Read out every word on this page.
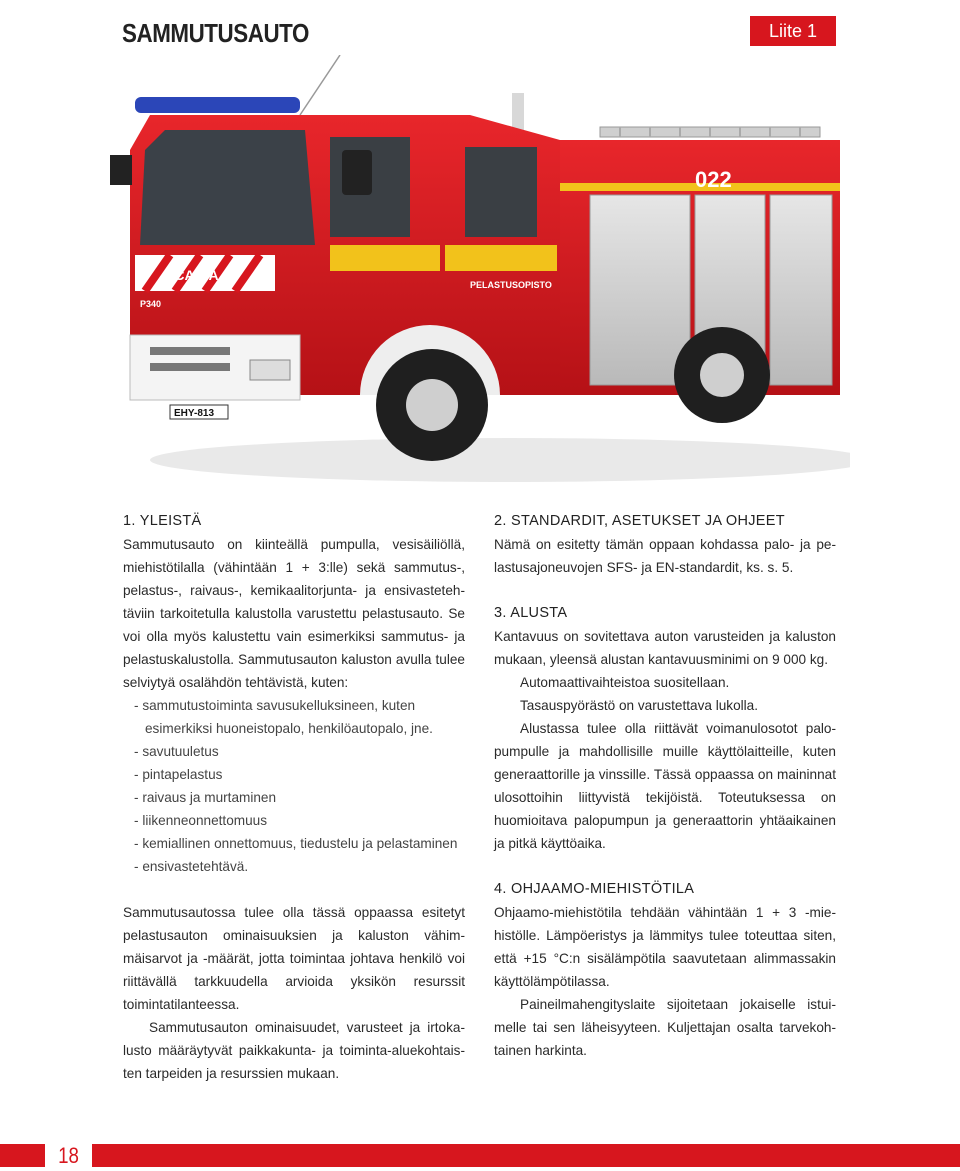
SAMMUTUSAUTO	Liite 1
022
PELASTUSOPISTO
SCANIA
P340
EHY-813
1. YLEISTÄ

Sammutusauto on kiinteällä pumpulla, vesisäiliöllä, miehistötilalla (vähintään 1 + 3:lle) sekä sammutus-, pelastus-, raivaus-, kemikaalitorjunta- ja ensivastetehtäviin tarkoitetulla kalustolla varustettu pelastusauto. Se voi olla myös kalustettu vain esimerkiksi sammutus- ja pelastuskalustolla. Sammutusauton kaluston avulla tulee selviytyä osalähdön tehtävistä, kuten:

- sammutustoiminta savusukelluksineen, kuten esimerkiksi huoneistopalo, henkilöautopalo, jne.
- savutuuletus
- pintapelastus
- raivaus ja murtaminen
- liikenneonnettomuus
- kemiallinen onnettomuus, tiedustelu ja pelastaminen
- ensivastetehtävä.

Sammutusautossa tulee olla tässä oppaassa esitetyt pelastusauton ominaisuuksien ja kaluston vähimmäisarvot ja -määrät, jotta toimintaa johtava henkilö voi riittävällä tarkkuudella arvioida yksikön resurssit toimintatilanteessa.

Sammutusauton ominaisuudet, varusteet ja irtokalusto määräytyvät paikkakunta- ja toiminta-aluekohtaisten tarpeiden ja resurssien mukaan.

2. STANDARDIT, ASETUKSET JA OHJEET

Nämä on esitetty tämän oppaan kohdassa palo- ja pelastusajoneuvojen SFS- ja EN-standardit, ks. s. 5.

3. ALUSTA

Kantavuus on sovitettava auton varusteiden ja kaluston mukaan, yleensä alustan kantavuusminimi on 9 000 kg.

Automaattivaihteistoa suositellaan.

Tasauspyörästö on varustettava lukolla.

Alustassa tulee olla riittävät voimanulosotot palopumpulle ja mahdollisille muille käyttölaitteille, kuten generaattorille ja vinssille. Tässä oppaassa on maininnat ulosottoihin liittyvistä tekijöistä. Toteutuksessa on huomioitava palopumpun ja generaattorin yhtäaikainen ja pitkä käyttöaika.

4. OHJAAMO-MIEHISTÖTILA

Ohjaamo-miehistötila tehdään vähintään 1 + 3 -miehistölle. Lämpöeristys ja lämmitys tulee toteuttaa siten, että +15 °C:n sisälämpötila saavutetaan alimmassakin käyttölämpötilassa.

Paineilmahengityslaite sijoitetaan jokaiselle istuimelle tai sen läheisyyteen. Kuljettajan osalta tarvekohtainen harkinta.

18
